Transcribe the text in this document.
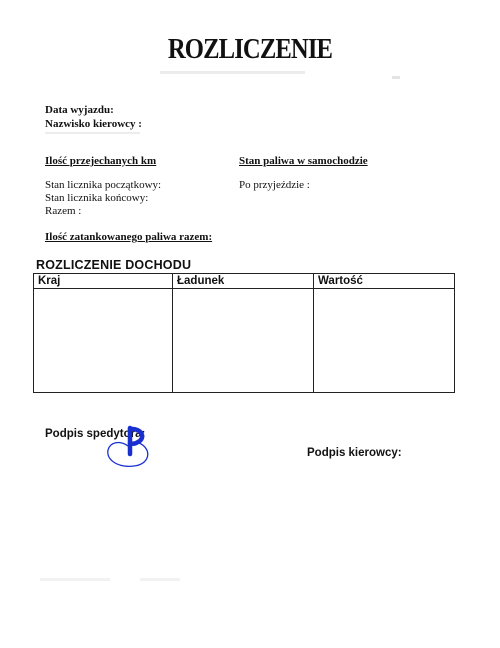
ROZLICZENIE
Data wyjazdu:
Nazwisko kierowcy :
Ilość przejechanych km	Stan paliwa w samochodzie
Stan licznika początkowy:
Stan licznika końcowy:
Razem :
Po przyjeździe :
Ilość zatankowanego paliwa razem:
ROZLICZENIE DOCHODU
Kraj	Ładunek	Wartość

Podpis spedytora:
Podpis kierowcy:
